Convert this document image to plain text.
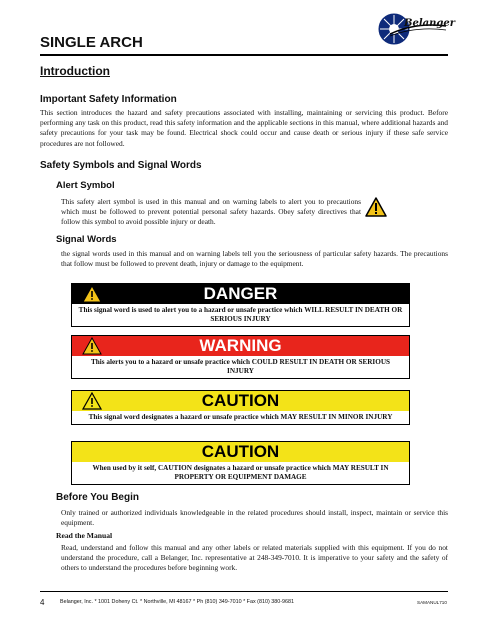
Belanger
SINGLE ARCH
Introduction
Important Safety Information
This section introduces the hazard and safety precautions associated with installing, maintaining or servicing this product. Before performing any task on this product, read this safety information and the applicable sections in this manual, where additional hazards and safety precautions for your task may be found. Electrical shock could occur and cause death or serious injury if these safe service procedures are not followed.
Safety Symbols and Signal Words
Alert Symbol
This safety alert symbol is used in this manual and on warning labels to alert you to precautions which must be followed to prevent potential personal safety hazards. Obey safety directives that follow this symbol to avoid possible injury or death.
Signal Words
the signal words used in this manual and on warning labels tell you the seriousness of particular safety hazards. The precautions that follow must be followed to prevent death, injury or damage to the equipment.
DANGER
This signal word is used to alert you to a hazard or unsafe practice which WILL RESULT IN DEATH OR SERIOUS INJURY
WARNING
This alerts you to a hazard or unsafe practice which COULD RESULT IN DEATH OR SERIOUS INJURY
CAUTION
This signal word designates a hazard or unsafe practice which MAY RESULT IN MINOR INJURY
CAUTION
When used by it self, CAUTION designates a hazard or unsafe practice which MAY RESULT IN PROPERTY OR EQUIPMENT DAMAGE
Before You Begin
Only trained or authorized individuals knowledgeable in the related procedures should install, inspect, maintain or service this equipment.
Read the Manual
Read, understand and follow this manual and any other labels or related materials supplied with this equipment. If you do not understand the procedure, call a Belanger, Inc. representative at 248-349-7010. It is imperative to your safety and the safety of others to understand the procedures before beginning work.
4	Belanger, Inc. * 1001 Doheny Ct. * Northville, MI 48167 * Ph (810) 349-7010 * Fax (810) 380-9681	SAMANUL710
